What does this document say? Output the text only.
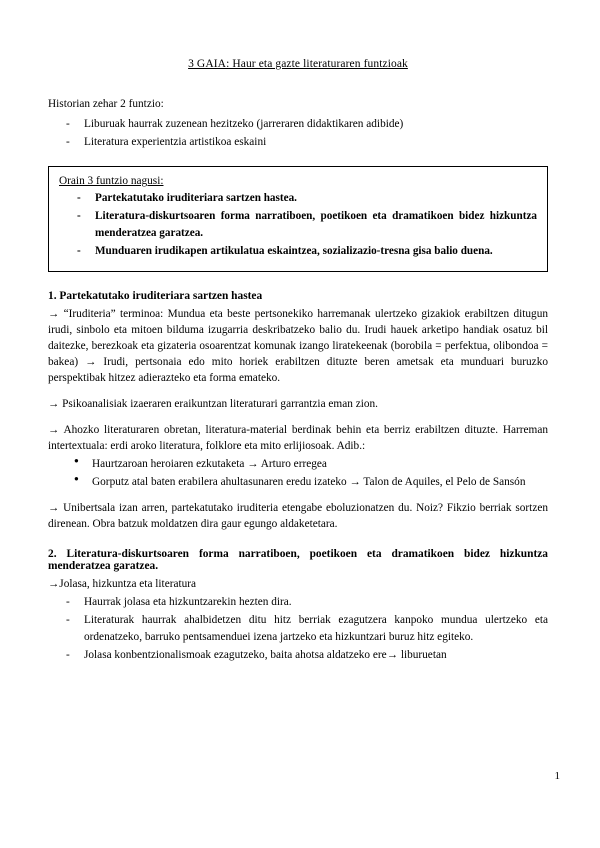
3 GAIA: Haur eta gazte literaturaren funtzioak

Historian zehar 2 funtzio:

- Liburuak haurrak zuzenean hezitzeko (jarreraren didaktikaren adibide)
- Literatura experientzia artistikoa eskaini
Orain 3 funtzio nagusi:
- Partekatutako iruditeriara sartzen hastea.
- Literatura-diskurtsoaren forma narratiboen, poetikoen eta dramatikoen bidez hizkuntza menderatzea garatzea.
- Munduaren irudikapen artikulatua eskaintzea, sozializazio-tresna gisa balio duena.
1. Partekatutako iruditeriara sartzen hastea

→ “Iruditeria” terminoa: Mundua eta beste pertsonekiko harremanak ulertzeko gizakiok erabiltzen ditugun irudi, sinbolo eta mitoen bilduma izugarria deskribatzeko balio du. Irudi hauek arketipo handiak osatuz bil daitezke, berezkoak eta gizateria osoarentzat komunak izango liratekeenak (borobila = perfektua, olibondoa = bakea) → Irudi, pertsonaia edo mito horiek erabiltzen dituzte beren ametsak eta munduari buruzko perspektibak hitzez adierazteko eta forma emateko.

→ Psikoanalisiak izaeraren eraikuntzan literaturari garrantzia eman zion.

→ Ahozko literaturaren obretan, literatura-material berdinak behin eta berriz erabiltzen dituzte. Harreman intertextuala: erdi aroko literatura, folklore eta mito erlijiosoak. Adib.:

● Haurtzaroan heroiaren ezkutaketa → Arturo erregea
● Gorputz atal baten erabilera ahultasunaren eredu izateko → Talon de Aquiles, el Pelo de Sansón

→ Unibertsala izan arren, partekatutako iruditeria etengabe eboluzionatzen du. Noiz? Fikzio berriak sortzen direnean. Obra batzuk moldatzen dira gaur egungo aldaketetara.

2. Literatura-diskurtsoaren forma narratiboen, poetikoen eta dramatikoen bidez hizkuntza menderatzea garatzea.

→Jolasa, hizkuntza eta literatura

- Haurrak jolasa eta hizkuntzarekin hezten dira.
- Literaturak haurrak ahalbidetzen ditu hitz berriak ezagutzera kanpoko mundua ulertzeko eta ordenatzeko, barruko pentsamenduei izena jartzeko eta hizkuntzari buruz hitz egiteko.
- Jolasa konbentzionalismoak ezagutzeko, baita ahotsa aldatzeko ere→ liburuetan
1
